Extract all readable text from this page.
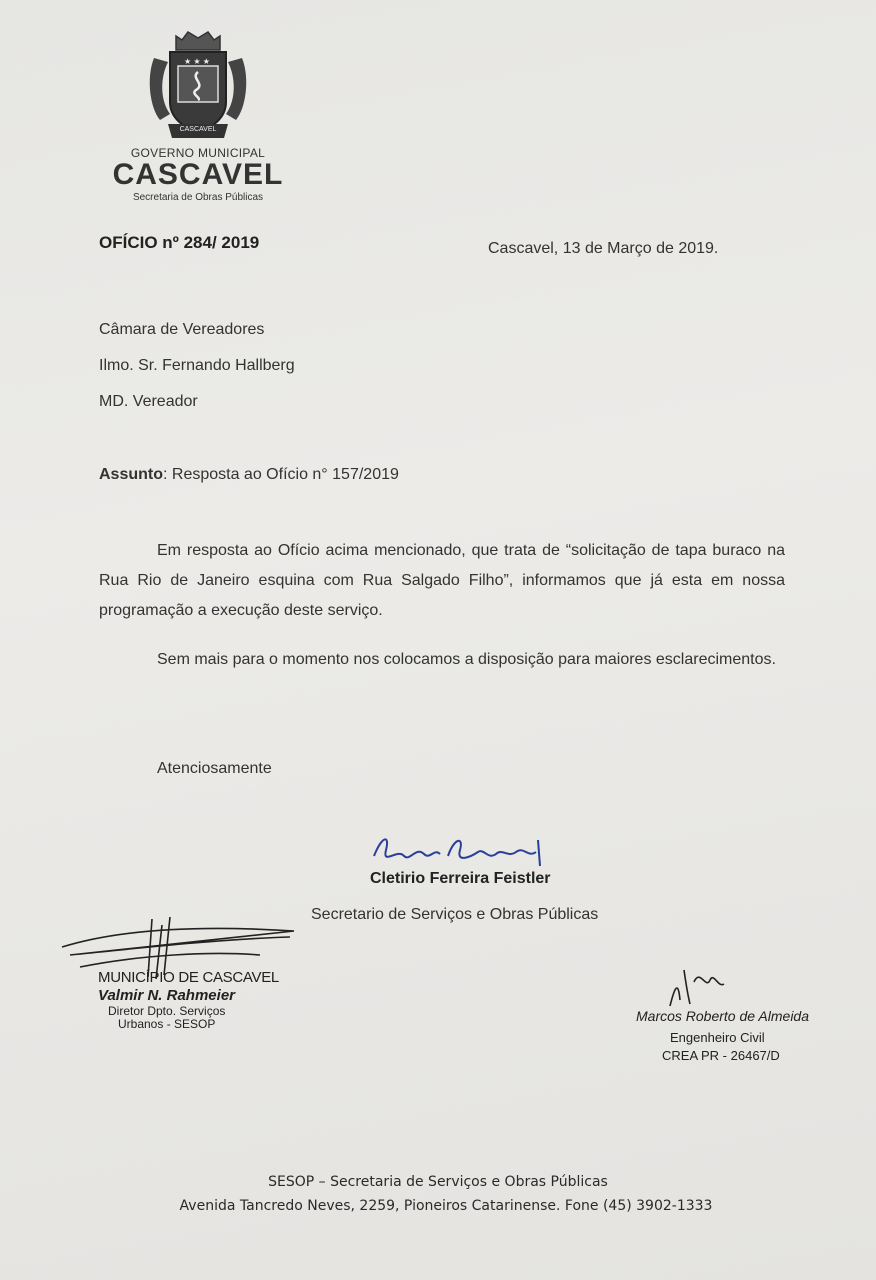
★ ★ ★
CASCAVEL
GOVERNO MUNICIPAL
CASCAVEL
Secretaria de Obras Públicas
OFÍCIO nº 284/ 2019	Cascavel, 13 de Março de 2019.
Câmara de Vereadores
Ilmo. Sr. Fernando Hallberg
MD. Vereador
Assunto: Resposta ao Ofício n° 157/2019
Em resposta ao Ofício acima mencionado, que trata de “solicitação de tapa buraco na Rua Rio de Janeiro esquina com Rua Salgado Filho”, informamos que já esta em nossa programação a execução deste serviço.
Sem mais para o momento nos colocamos a disposição para maiores esclarecimentos.
Atenciosamente
Cletirio Ferreira Feistler
Secretario de Serviços e Obras Públicas
MUNICÍPIO DE CASCAVEL
Valmir N. Rahmeier
Diretor Dpto. Serviços
Urbanos - SESOP	Marcos Roberto de Almeida
Engenheiro Civil
CREA PR - 26467/D
SESOP – Secretaria de Serviços e Obras Públicas
Avenida Tancredo Neves, 2259, Pioneiros Catarinense. Fone (45) 3902-1333
